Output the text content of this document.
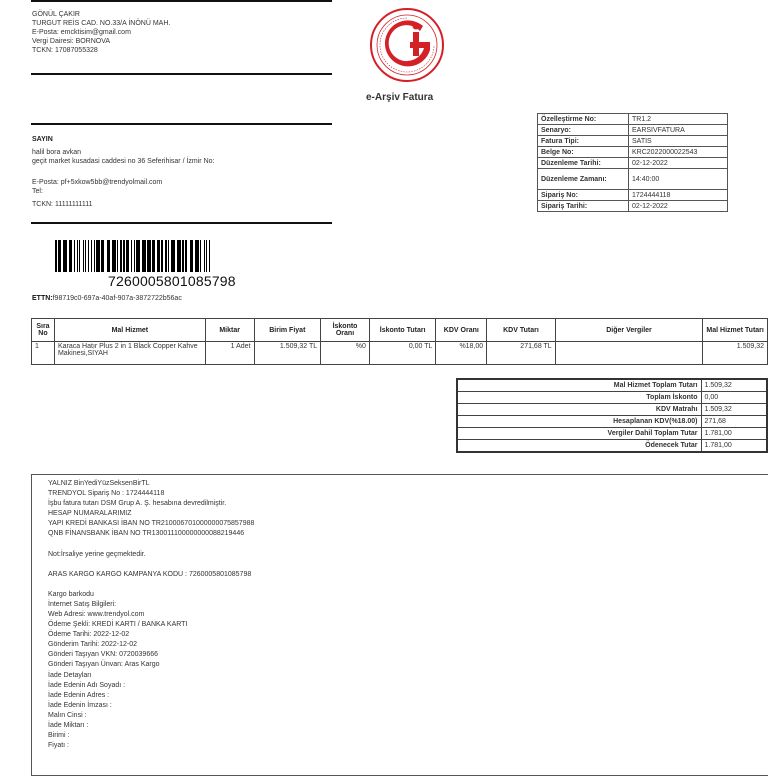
GÖNÜL ÇAKIR
TURGUT REİS CAD. NO.33/A İNÖNÜ MAH.
E-Posta: emcktisim@gmail.com
Vergi Dairesi: BORNOVA
TCKN: 17087055328
e-Arşiv Fatura
SAYIN
halil bora avkan
geçit market kusadasi caddesi no 36 Seferihisar / İzmir No:
E-Posta: pf+5xkow5bb@trendyolmail.com
Tel:
TCKN: 11111111111
Özelleştirme No:	TR1.2
Senaryo:	EARSIVFATURA
Fatura Tipi:	SATIS
Belge No:	KRC2022000022543
Düzenleme Tarihi:	02-12-2022
Düzenleme Zamanı:	14:40:00
Sipariş No:	1724444118
Sipariş Tarihi:	02-12-2022
7260005801085798
ETTN:f98719c0-697a-40af-907a-3872722b56ac
Sıra No	Mal Hizmet	Miktar	Birim Fiyat	İskonto Oranı	İskonto Tutarı	KDV Oranı	KDV Tutarı	Diğer Vergiler	Mal Hizmet Tutarı
1	Karaca Hatır Plus 2 in 1 Black Copper Kahve Makinesi,SİYAH	1 Adet	1.509,32 TL	%0	0,00 TL	%18,00	271,68 TL		1.509,32
Mal Hizmet Toplam Tutarı	1.509,32
Toplam İskonto	0,00
KDV Matrahı	1.509,32
Hesaplanan KDV(%18.00)	271,68
Vergiler Dahil Toplam Tutar	1.781,00
Ödenecek Tutar	1.781,00
YALNIZ BinYediYüzSeksenBirTL
TRENDYOL Sipariş No : 1724444118
İşbu fatura tutarı DSM Grup A. Ş. hesabına devredilmiştir.
HESAP NUMARALARIMIZ
YAPI KREDİ BANKASI İBAN NO TR210006701000000075857988
QNB FİNANSBANK İBAN NO TR130011100000000088219446
Not:İrsaliye yerine geçmektedir.
ARAS KARGO KARGO KAMPANYA KODU : 7260005801085798
Kargo barkodu
İnternet Satış Bilgileri:
Web Adresi: www.trendyol.com
Ödeme Şekli: KREDİ KARTI / BANKA KARTI
Ödeme Tarihi: 2022-12-02
Gönderim Tarihi: 2022-12-02
Gönderi Taşıyan VKN: 0720039666
Gönderi Taşıyan Ünvan: Aras Kargo
İade Detayları
İade Edenin Adı Soyadı :
İade Edenin Adres :
İade Edenin İmzası :
Malın Cinsi :
İade Miktarı :
Birimi :
Fiyatı :
